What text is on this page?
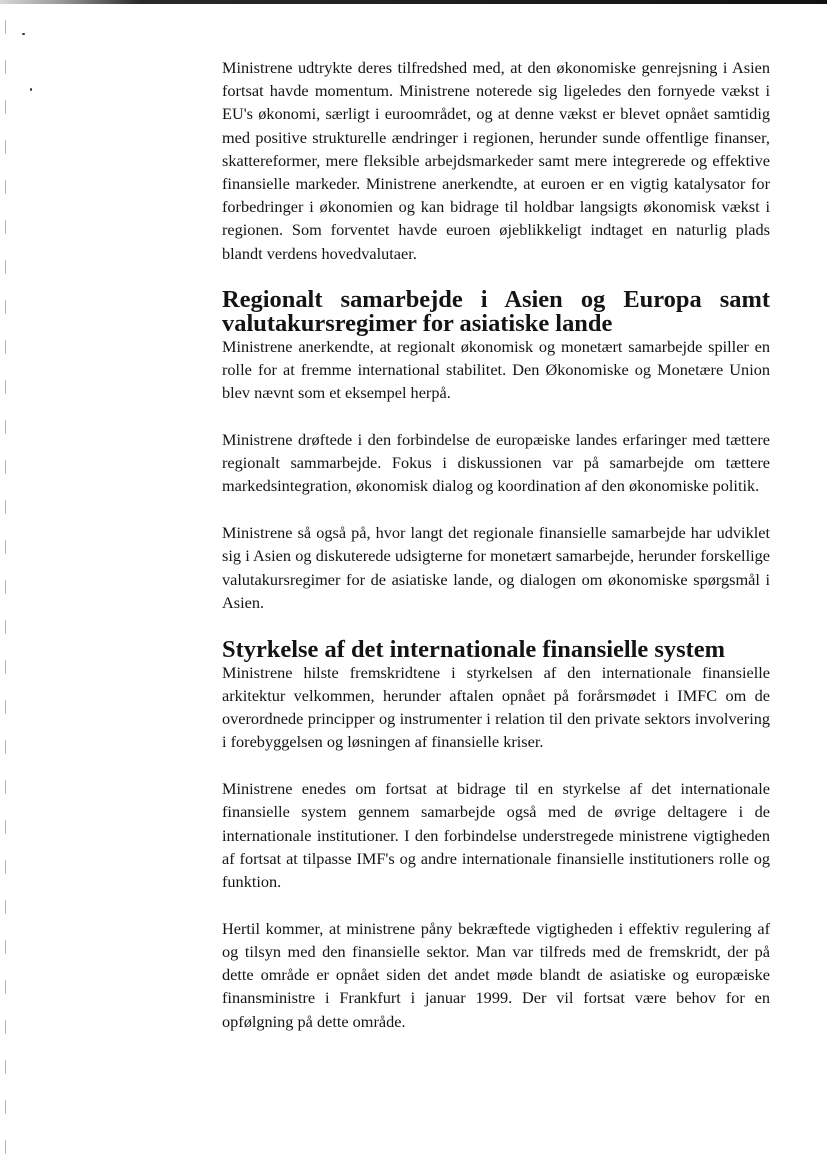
Ministrene udtrykte deres tilfredshed med, at den økonomiske genrejsning i Asien fortsat havde momentum. Ministrene noterede sig ligeledes den fornyede vækst i EU's økonomi, særligt i euroområdet, og at denne vækst er blevet opnået samtidig med positive strukturelle ændringer i regionen, herunder sunde offentlige finanser, skattereformer, mere fleksible arbejdsmarkeder samt mere integrerede og effektive finansielle markeder. Ministrene anerkendte, at euroen er en vigtig katalysator for forbedringer i økonomien og kan bidrage til holdbar langsigts økonomisk vækst i regionen. Som forventet havde euroen øjeblikkeligt indtaget en naturlig plads blandt verdens hovedvalutaer.

Regionalt samarbejde i Asien og Europa samt valutakursregimer for asiatiske lande

Ministrene anerkendte, at regionalt økonomisk og monetært samarbejde spiller en rolle for at fremme international stabilitet. Den Økonomiske og Monetære Union blev nævnt som et eksempel herpå.

Ministrene drøftede i den forbindelse de europæiske landes erfaringer med tættere regionalt sammarbejde. Fokus i diskussionen var på samarbejde om tættere markedsintegration, økonomisk dialog og koordination af den økonomiske politik.

Ministrene så også på, hvor langt det regionale finansielle samarbejde har udviklet sig i Asien og diskuterede udsigterne for monetært samarbejde, herunder forskellige valutakursregimer for de asiatiske lande, og dialogen om økonomiske spørgsmål i Asien.

Styrkelse af det internationale finansielle system

Ministrene hilste fremskridtene i styrkelsen af den internationale finansielle arkitektur velkommen, herunder aftalen opnået på forårsmødet i IMFC om de overordnede principper og instrumenter i relation til den private sektors involvering i forebyggelsen og løsningen af finansielle kriser.

Ministrene enedes om fortsat at bidrage til en styrkelse af det internationale finansielle system gennem samarbejde også med de øvrige deltagere i de internationale institutioner. I den forbindelse understregede ministrene vigtigheden af fortsat at tilpasse IMF's og andre internationale finansielle institutioners rolle og funktion.

Hertil kommer, at ministrene påny bekræftede vigtigheden i effektiv regulering af og tilsyn med den finansielle sektor. Man var tilfreds med de fremskridt, der på dette område er opnået siden det andet møde blandt de asiatiske og europæiske finansministre i Frankfurt i januar 1999. Der vil fortsat være behov for en opfølgning på dette område.
